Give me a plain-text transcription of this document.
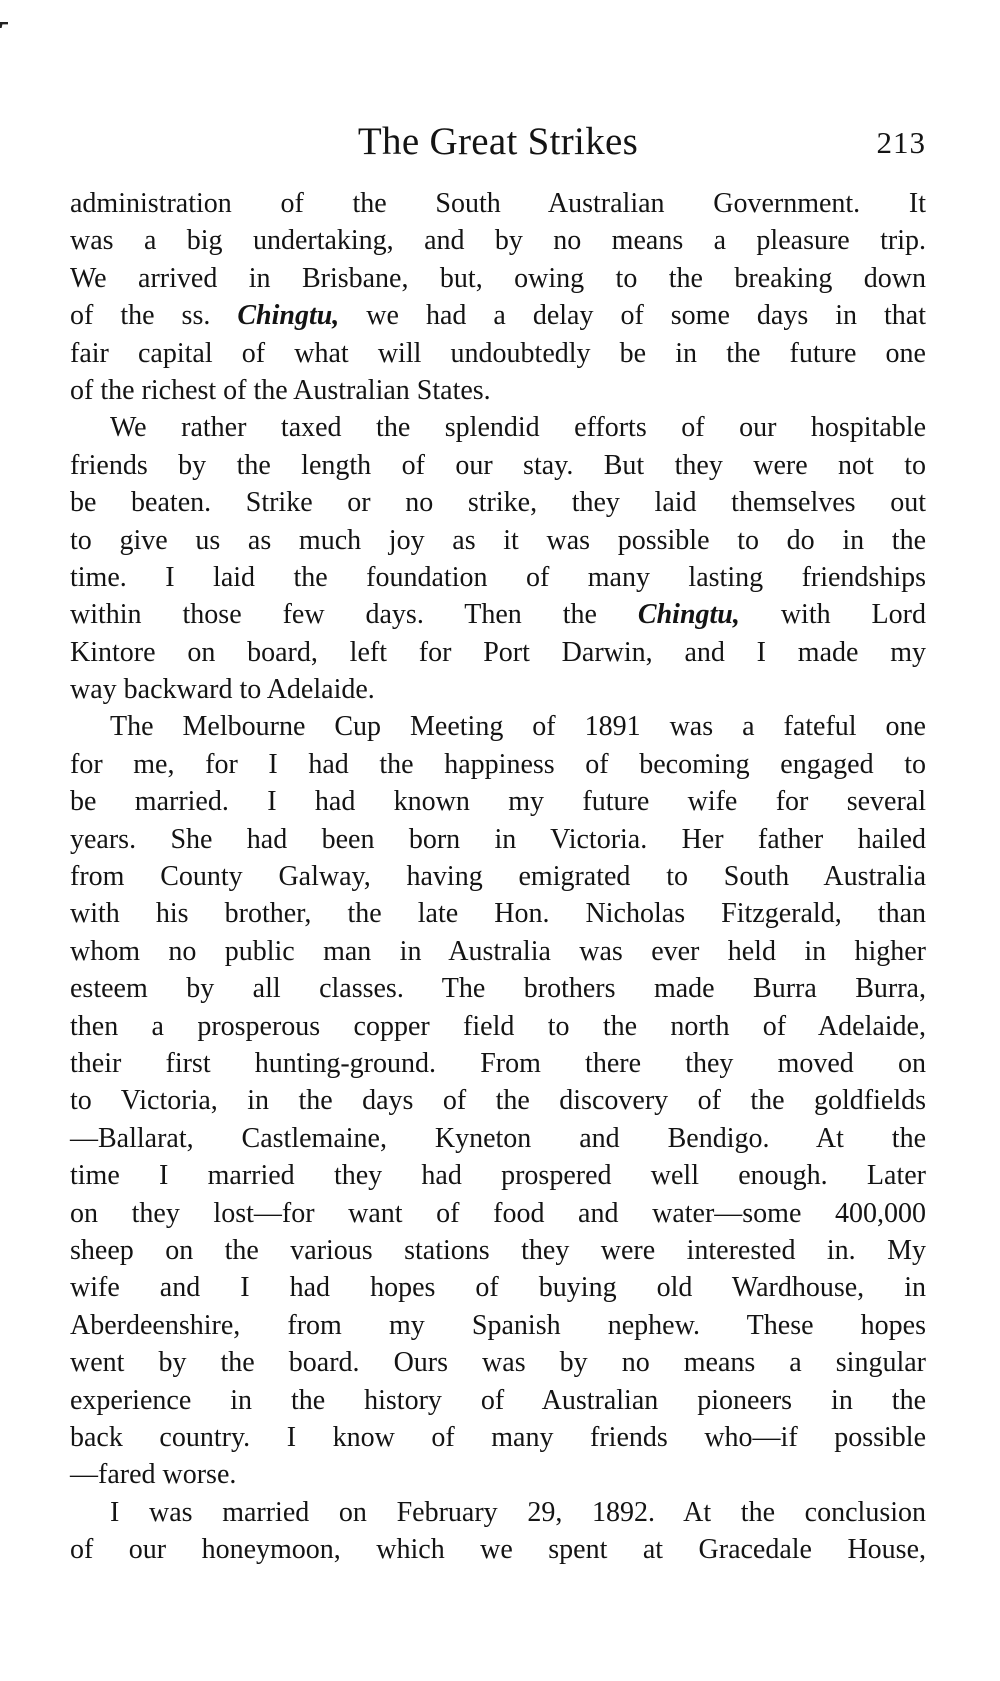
The Great Strikes	213
administration of the South Australian Government. It
was a big undertaking, and by no means a pleasure trip.
We arrived in Brisbane, but, owing to the breaking down
of the ss. Chingtu, we had a delay of some days in that
fair capital of what will undoubtedly be in the future one
of the richest of the Australian States.
We rather taxed the splendid efforts of our hospitable
friends by the length of our stay. But they were not to
be beaten. Strike or no strike, they laid themselves out
to give us as much joy as it was possible to do in the
time. I laid the foundation of many lasting friendships
within those few days. Then the Chingtu, with Lord
Kintore on board, left for Port Darwin, and I made my
way backward to Adelaide.
The Melbourne Cup Meeting of 1891 was a fateful one
for me, for I had the happiness of becoming engaged to
be married. I had known my future wife for several
years. She had been born in Victoria. Her father hailed
from County Galway, having emigrated to South Australia
with his brother, the late Hon. Nicholas Fitzgerald, than
whom no public man in Australia was ever held in higher
esteem by all classes. The brothers made Burra Burra,
then a prosperous copper field to the north of Adelaide,
their first hunting-ground. From there they moved on
to Victoria, in the days of the discovery of the goldfields
—Ballarat, Castlemaine, Kyneton and Bendigo. At the
time I married they had prospered well enough. Later
on they lost—for want of food and water—some 400,000
sheep on the various stations they were interested in. My
wife and I had hopes of buying old Wardhouse, in
Aberdeenshire, from my Spanish nephew. These hopes
went by the board. Ours was by no means a singular
experience in the history of Australian pioneers in the
back country. I know of many friends who—if possible
—fared worse.
I was married on February 29, 1892. At the conclusion
of our honeymoon, which we spent at Gracedale House,
